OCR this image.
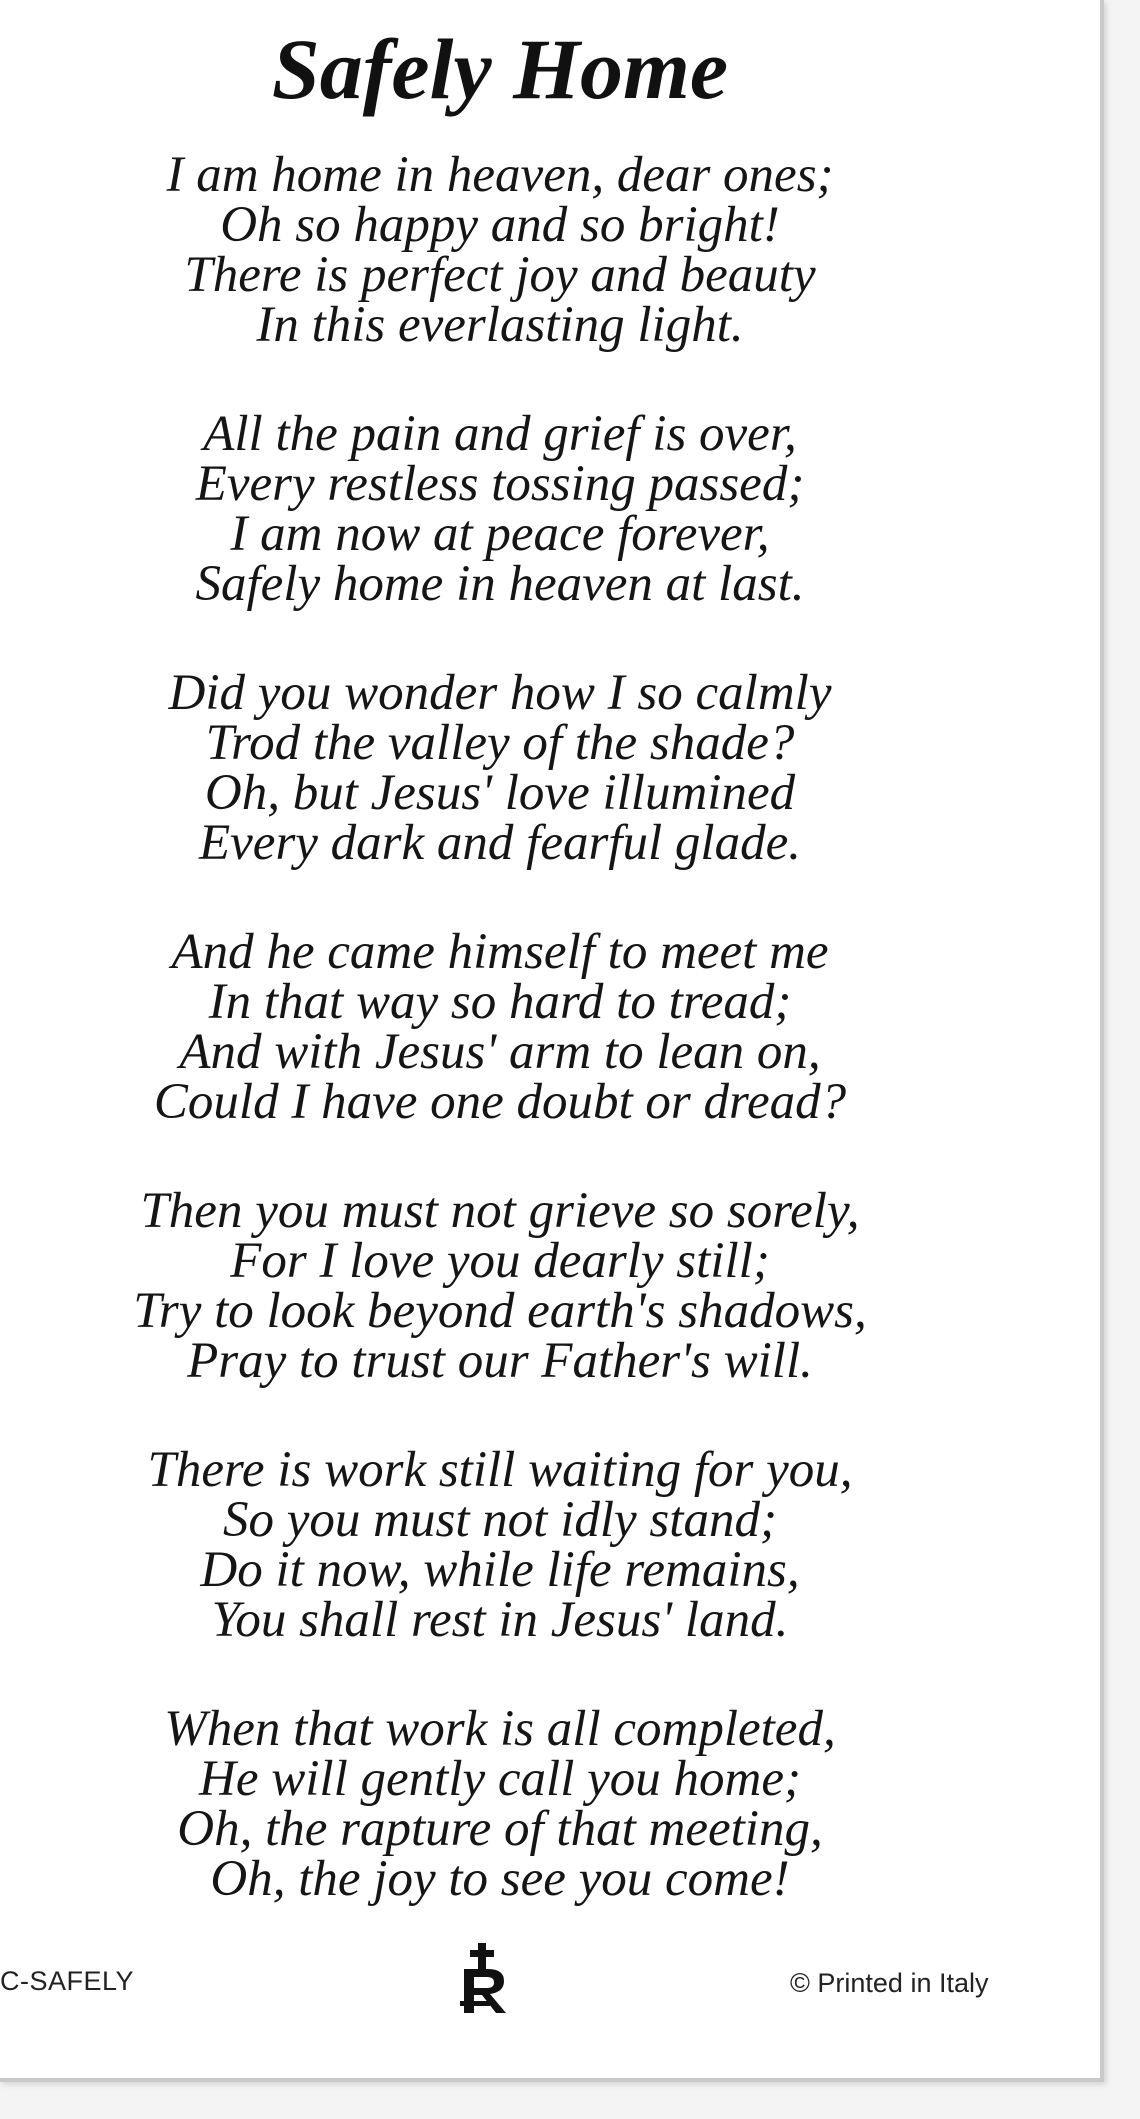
Safely Home
I am home in heaven, dear ones;
Oh so happy and so bright!
There is perfect joy and beauty
In this everlasting light.
All the pain and grief is over,
Every restless tossing passed;
I am now at peace forever,
Safely home in heaven at last.
Did you wonder how I so calmly
Trod the valley of the shade?
Oh, but Jesus' love illumined
Every dark and fearful glade.
And he came himself to meet me
In that way so hard to tread;
And with Jesus' arm to lean on,
Could I have one doubt or dread?
Then you must not grieve so sorely,
For I love you dearly still;
Try to look beyond earth's shadows,
Pray to trust our Father's will.
There is work still waiting for you,
So you must not idly stand;
Do it now, while life remains,
You shall rest in Jesus' land.
When that work is all completed,
He will gently call you home;
Oh, the rapture of that meeting,
Oh, the joy to see you come!
C-SAFELY	© Printed in Italy
